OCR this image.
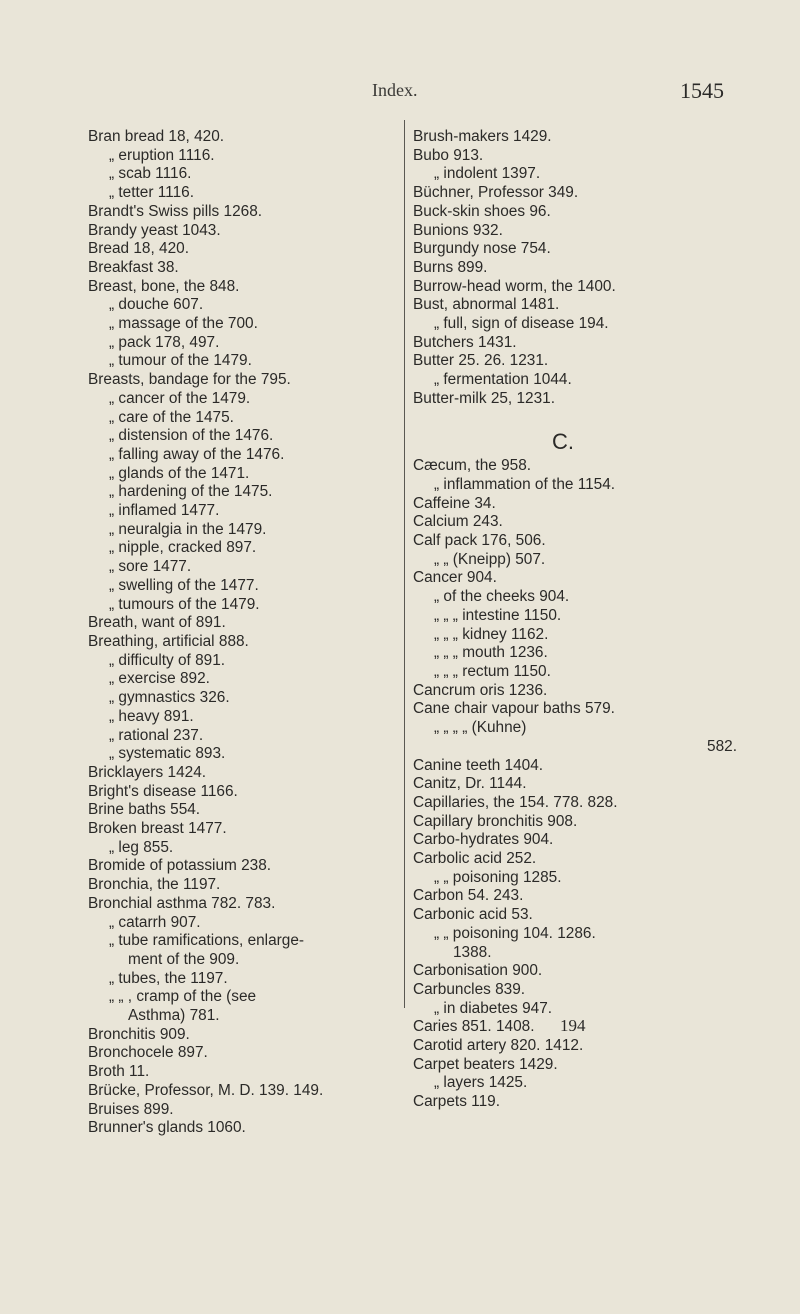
Index.	1545
Bran bread 18, 420.
„ eruption 1116.
„ scab 1116.
„ tetter 1116.
Brandt's Swiss pills 1268.
Brandy yeast 1043.
Bread 18, 420.
Breakfast 38.
Breast, bone, the 848.
„ douche 607.
„ massage of the 700.
„ pack 178, 497.
„ tumour of the 1479.
Breasts, bandage for the 795.
„ cancer of the 1479.
„ care of the 1475.
„ distension of the 1476.
„ falling away of the 1476.
„ glands of the 1471.
„ hardening of the 1475.
„ inflamed 1477.
„ neuralgia in the 1479.
„ nipple, cracked 897.
„ sore 1477.
„ swelling of the 1477.
„ tumours of the 1479.
Breath, want of 891.
Breathing, artificial 888.
„ difficulty of 891.
„ exercise 892.
„ gymnastics 326.
„ heavy 891.
„ rational 237.
„ systematic 893.
Bricklayers 1424.
Bright's disease 1166.
Brine baths 554.
Broken breast 1477.
„ leg 855.
Bromide of potassium 238.
Bronchia, the 1197.
Bronchial asthma 782. 783.
„ catarrh 907.
„ tube ramifications, enlarge-
ment of the 909.
„ tubes, the 1197.
„ „ , cramp of the (see
Asthma) 781.
Bronchitis 909.
Bronchocele 897.
Broth 11.
Brücke, Professor, M. D. 139. 149.
Bruises 899.
Brunner's glands 1060.
Brush-makers 1429.
Bubo 913.
„ indolent 1397.
Büchner, Professor 349.
Buck-skin shoes 96.
Bunions 932.
Burgundy nose 754.
Burns 899.
Burrow-head worm, the 1400.
Bust, abnormal 1481.
„ full, sign of disease 194.
Butchers 1431.
Butter 25. 26. 1231.
„ fermentation 1044.
Butter-milk 25, 1231.
C.
Cæcum, the 958.
„ inflammation of the 1154.
Caffeine 34.
Calcium 243.
Calf pack 176, 506.
„ „ (Kneipp) 507.
Cancer 904.
„ of the cheeks 904.
„ „ „ intestine 1150.
„ „ „ kidney 1162.
„ „ „ mouth 1236.
„ „ „ rectum 1150.
Cancrum oris 1236.
Cane chair vapour baths 579.
„ „ „ „ (Kuhne)
582.
Canine teeth 1404.
Canitz, Dr. 1144.
Capillaries, the 154. 778. 828.
Capillary bronchitis 908.
Carbo-hydrates 904.
Carbolic acid 252.
„ „ poisoning 1285.
Carbon 54. 243.
Carbonic acid 53.
„ „ poisoning 104. 1286.
1388.
Carbonisation 900.
Carbuncles 839.
„ in diabetes 947.
Caries 851. 1408.
Carotid artery 820. 1412.
Carpet beaters 1429.
„ layers 1425.
Carpets 119.
194
